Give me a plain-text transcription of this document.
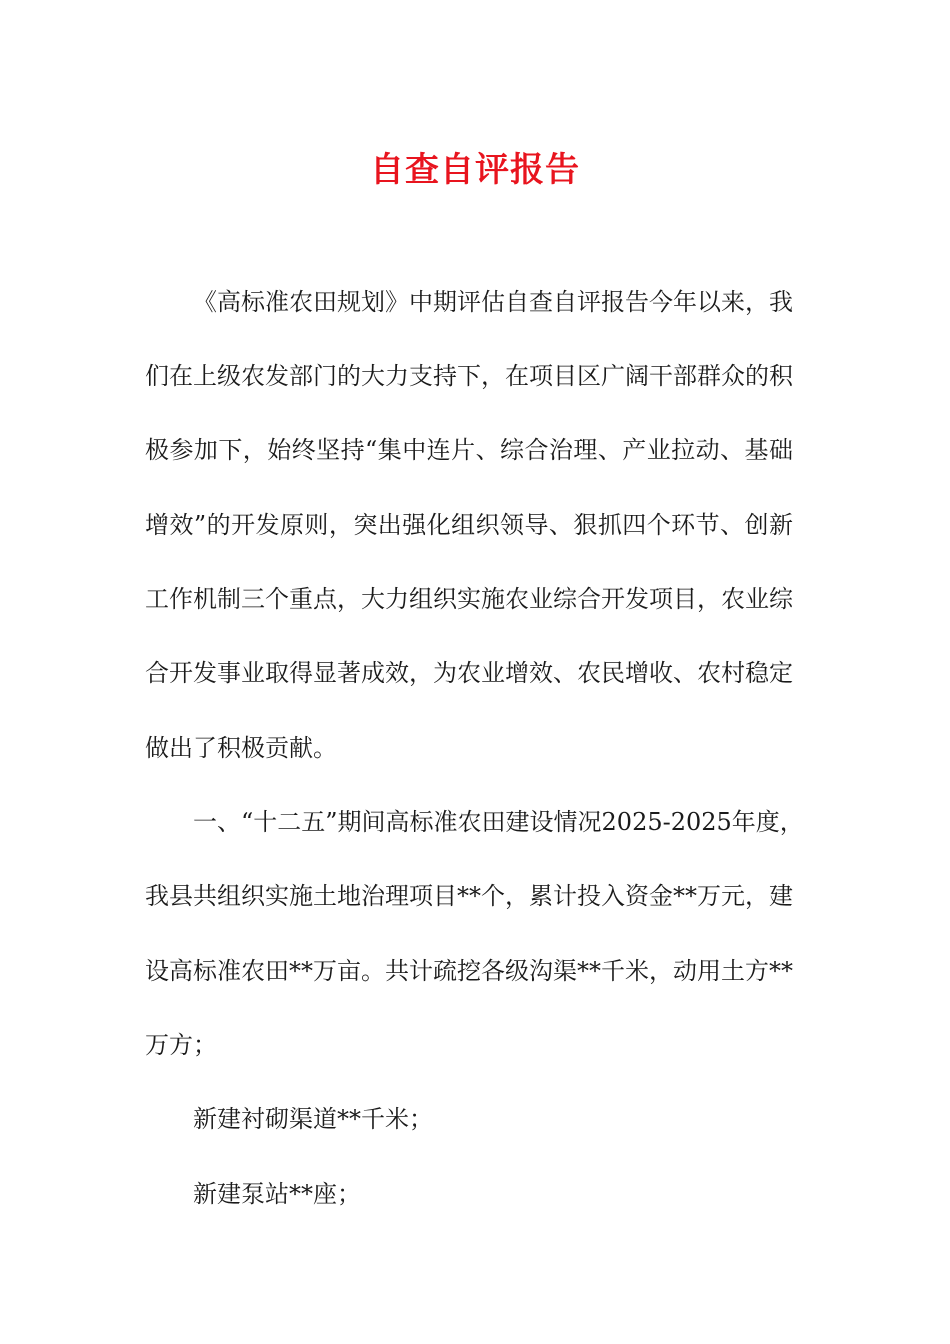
自查自评报告
《高标准农田规划》中期评估自查自评报告今年以来，我
们在上级农发部门的大力支持下，在项目区广阔干部群众的积
极参加下，始终坚持“集中连片、综合治理、产业拉动、基础
增效”的开发原则，突出强化组织领导、狠抓四个环节、创新
工作机制三个重点，大力组织实施农业综合开发项目，农业综
合开发事业取得显著成效，为农业增效、农民增收、农村稳定
做出了积极贡献。
一、“十二五”期间高标准农田建设情况2025-2025年度，
我县共组织实施土地治理项目**个，累计投入资金**万元，建
设高标准农田**万亩。共计疏挖各级沟渠**千米，动用土方**
万方；
新建衬砌渠道**千米；
新建泵站**座；
